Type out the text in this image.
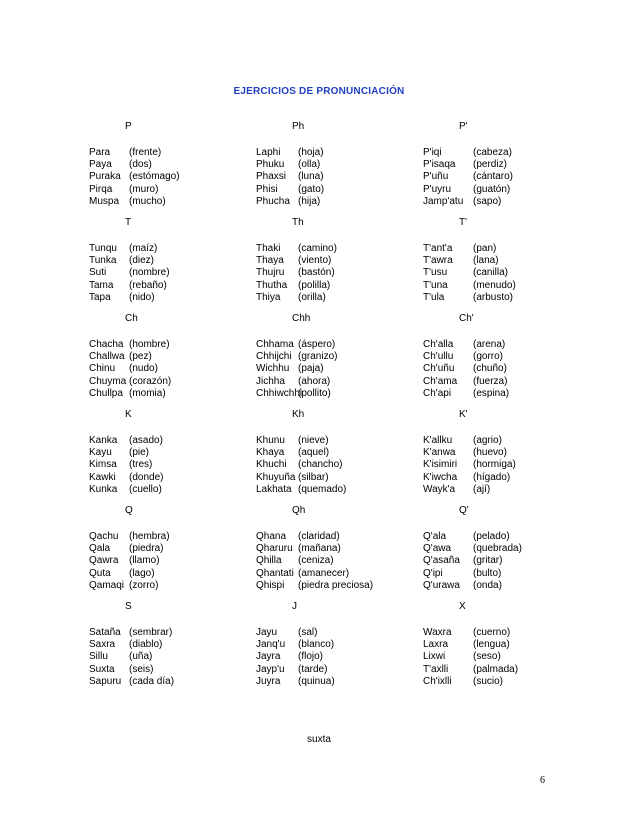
EJERCICIOS DE PRONUNCIACIÓN
P
Para (frente)
Paya (dos)
Puraka (estómago)
Pirqa (muro)
Muspa (mucho)
T
Tunqu (maíz)
Tunka (diez)
Suti (nombre)
Tama (rebaño)
Tapa (nido)
Ch
Chacha (hombre)
Challwa (pez)
Chinu (nudo)
Chuyma (corazón)
Chullpa (momia)
K
Kanka (asado)
Kayu (pie)
Kimsa (tres)
Kawki (donde)
Kunka (cuello)
Q
Qachu (hembra)
Qala (piedra)
Qawra (llamo)
Quta (lago)
Qamaqi (zorro)
S
Sataña (sembrar)
Saxra (diablo)
Sillu (uña)
Suxta (seis)
Sapuru (cada día)
Ph
Laphi (hoja)
Phuku (olla)
Phaxsi (luna)
Phisi (gato)
Phucha (hija)
Th
Thaki (camino)
Thaya (viento)
Thujru (bastón)
Thutha (polilla)
Thiya (orilla)
Chh
Chhama (áspero)
Chhijchi (granizo)
Wichhu (paja)
Jichha (ahora)
Chhiwchhi(pollito)
Kh
Khunu (nieve)
Khaya (aquel)
Khuchi (chancho)
Khuyuña (silbar)
Lakhata (quemado)
Qh
Qhana (claridad)
Qharuru (mañana)
Qhilla (ceniza)
Qhantati (amanecer)
Qhispi (piedra preciosa)
J
Jayu (sal)
Janq'u (blanco)
Jayra (flojo)
Jayp'u (tarde)
Juyra (quinua)
P'
P'iqi	(cabeza)
P'isaqa (perdiz)
P'uñu (cántaro)
P'uyru (guatón)
Jamp'atu (sapo)
T'
T'ant'a (pan)
T'awra (lana)
T'usu	(canilla)
T'una	(menudo)
T'ula	(arbusto)
Ch'
Ch'alla (arena)
Ch'ullu (gorro)
Ch'uñu (chuño)
Ch'ama (fuerza)
Ch'api (espina)
K'
K'allku (agrio)
K'anwa (huevo)
K'isimiri (hormiga)
K'iwcha (hígado)
Wayk'a (ají)
Q'
Q'ala	(pelado)
Q'awa (quebrada)
Q'asaña (gritar)
Q'ipi	(bulto)
Q'urawa (onda)
X
Waxra (cuerno)
Laxra (lengua)
Lixwi	(seso)
T'axlli (palmada)
Ch'ixlli (sucio)
suxta
6
